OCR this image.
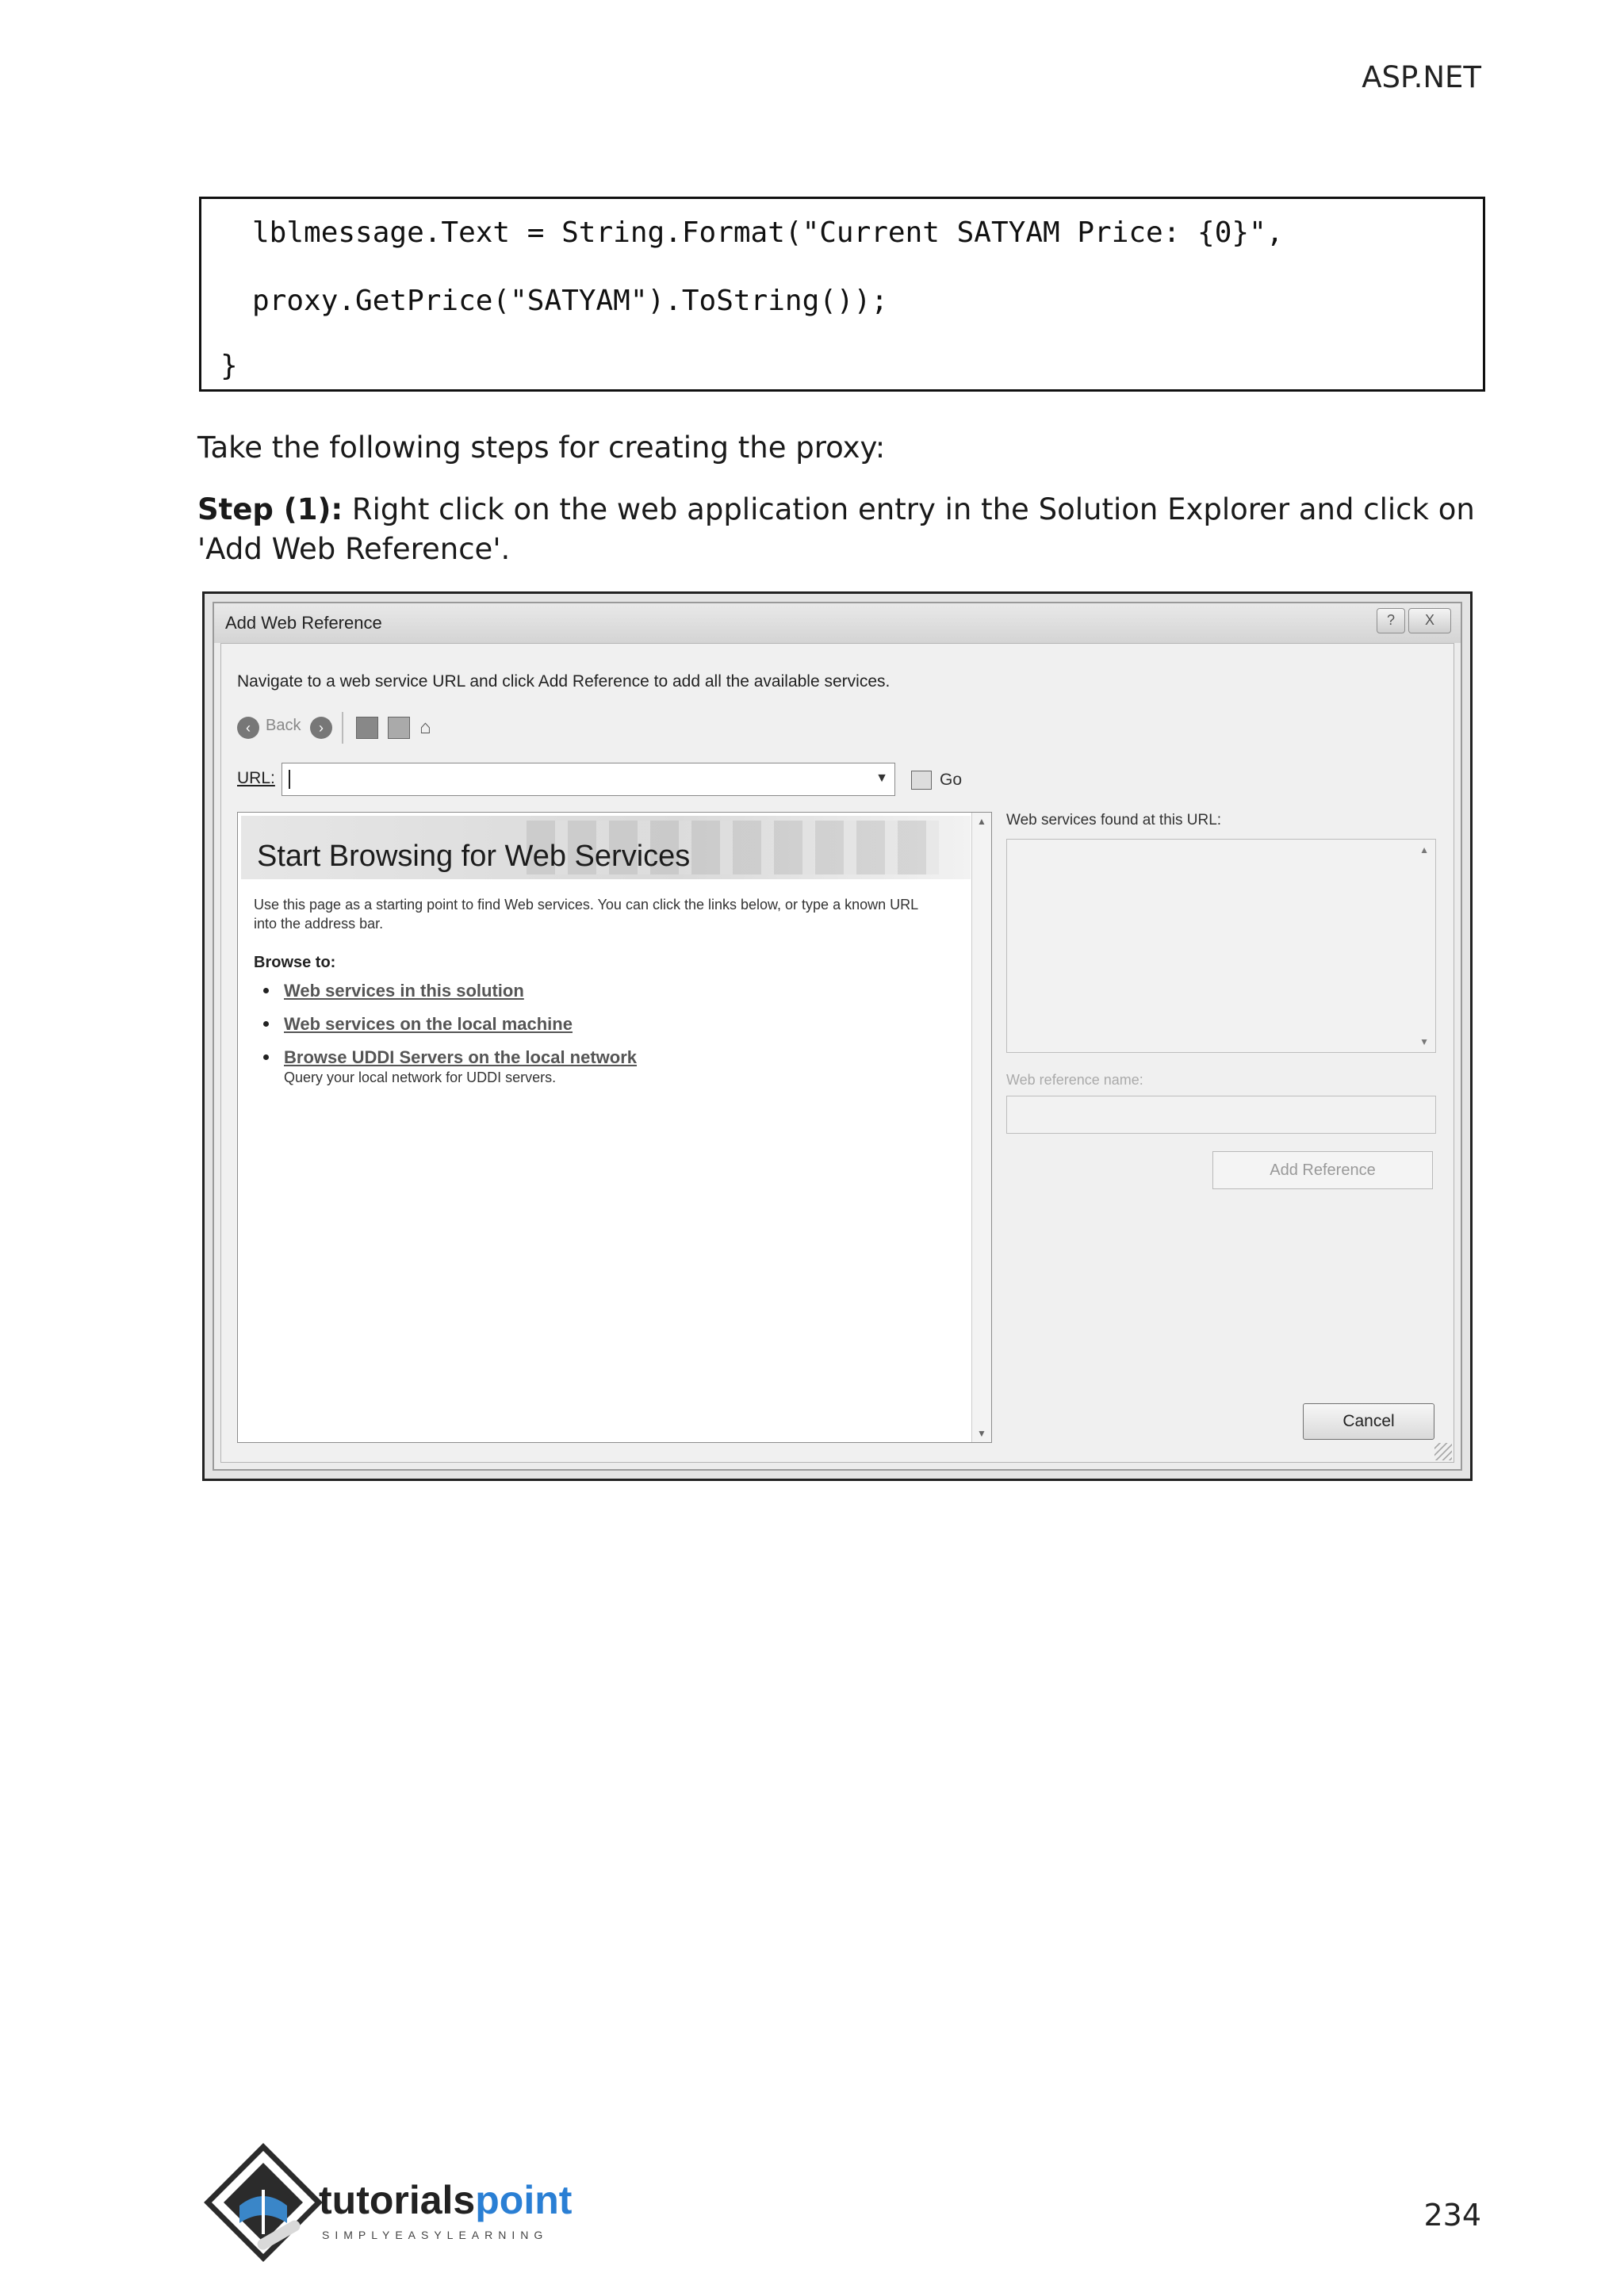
ASP.NET
lblmessage.Text = String.Format("Current SATYAM Price: {0}",
proxy.GetPrice("SATYAM").ToString());
}
Take the following steps for creating the proxy:
Step (1): Right click on the web application entry in the Solution Explorer and click on 'Add Web Reference'.
Add Web Reference	?	X
Navigate to a web service URL and click Add Reference to add all the available services.
‹ Back	›	⌂
URL:	▼	Go
Start Browsing for Web Services
Use this page as a starting point to find Web services. You can click the links below, or type a known URL into the address bar.
Browse to:
Web services in this solution
Web services on the local machine
Browse UDDI Servers on the local network
Query your local network for UDDI servers.
▲
▼
Web services found at this URL:
▲
▼
Web reference name:
Add Reference
Cancel
tutorialspoint
SIMPLYEASYLEARNING
234
